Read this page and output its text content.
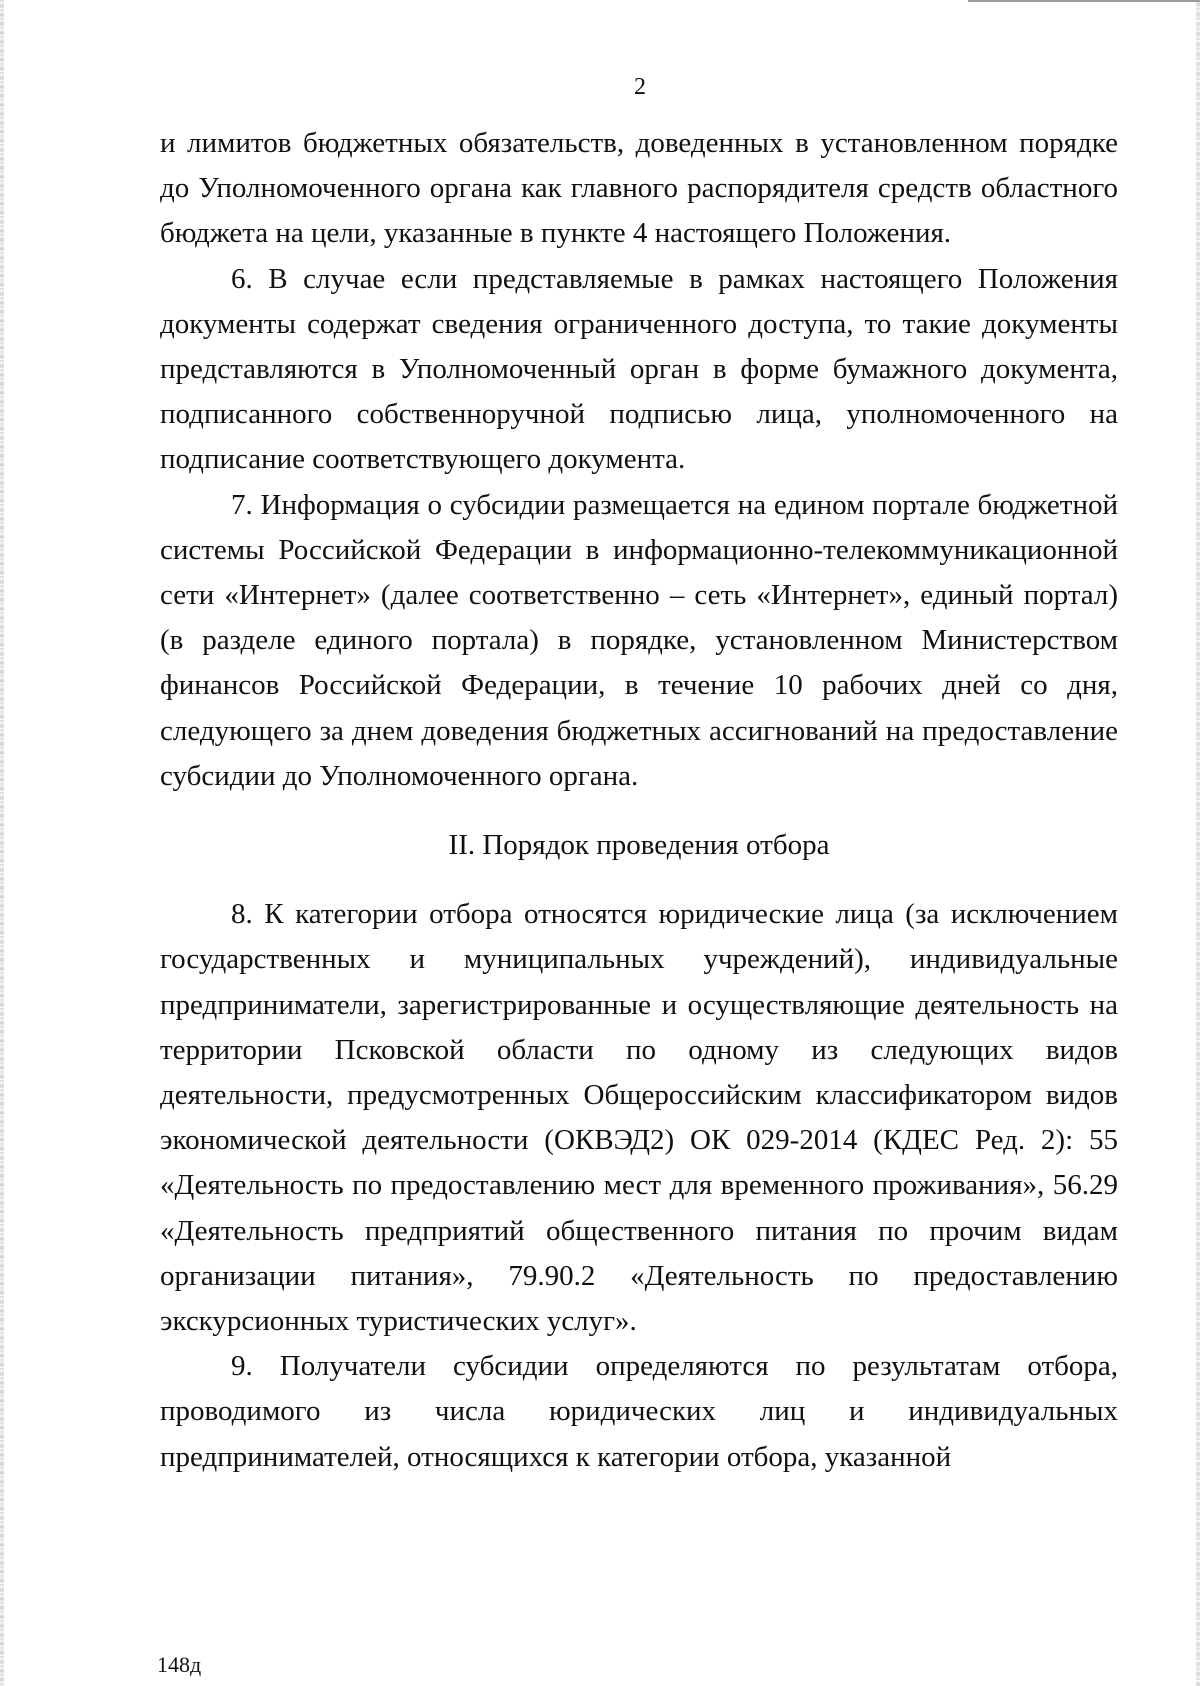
2

и лимитов бюджетных обязательств, доведенных в установленном порядке до Уполномоченного органа как главного распорядителя средств областного бюджета на цели, указанные в пункте 4 настоящего Положения.

6. В случае если представляемые в рамках настоящего Положения документы содержат сведения ограниченного доступа, то такие документы представляются в Уполномоченный орган в форме бумажного документа, подписанного собственноручной подписью лица, уполномоченного на подписание соответствующего документа.

7. Информация о субсидии размещается на едином портале бюджетной системы Российской Федерации в информационно-телекоммуникационной сети «Интернет» (далее соответственно – сеть «Интернет», единый портал) (в разделе единого портала) в порядке, установленном Министерством финансов Российской Федерации, в течение 10 рабочих дней со дня, следующего за днем доведения бюджетных ассигнований на предоставление субсидии до Уполномоченного органа.

II. Порядок проведения отбора

8. К категории отбора относятся юридические лица (за исключением государственных и муниципальных учреждений), индивидуальные предприниматели, зарегистрированные и осуществляющие деятельность на территории Псковской области по одному из следующих видов деятельности, предусмотренных Общероссийским классификатором видов экономической деятельности (ОКВЭД2) ОК 029-2014 (КДЕС Ред. 2): 55 «Деятельность по предоставлению мест для временного проживания», 56.29 «Деятельность предприятий общественного питания по прочим видам организации питания», 79.90.2 «Деятельность по предоставлению экскурсионных туристических услуг».

9. Получатели субсидии определяются по результатам отбора, проводимого из числа юридических лиц и индивидуальных предпринимателей, относящихся к категории отбора, указанной

148д
